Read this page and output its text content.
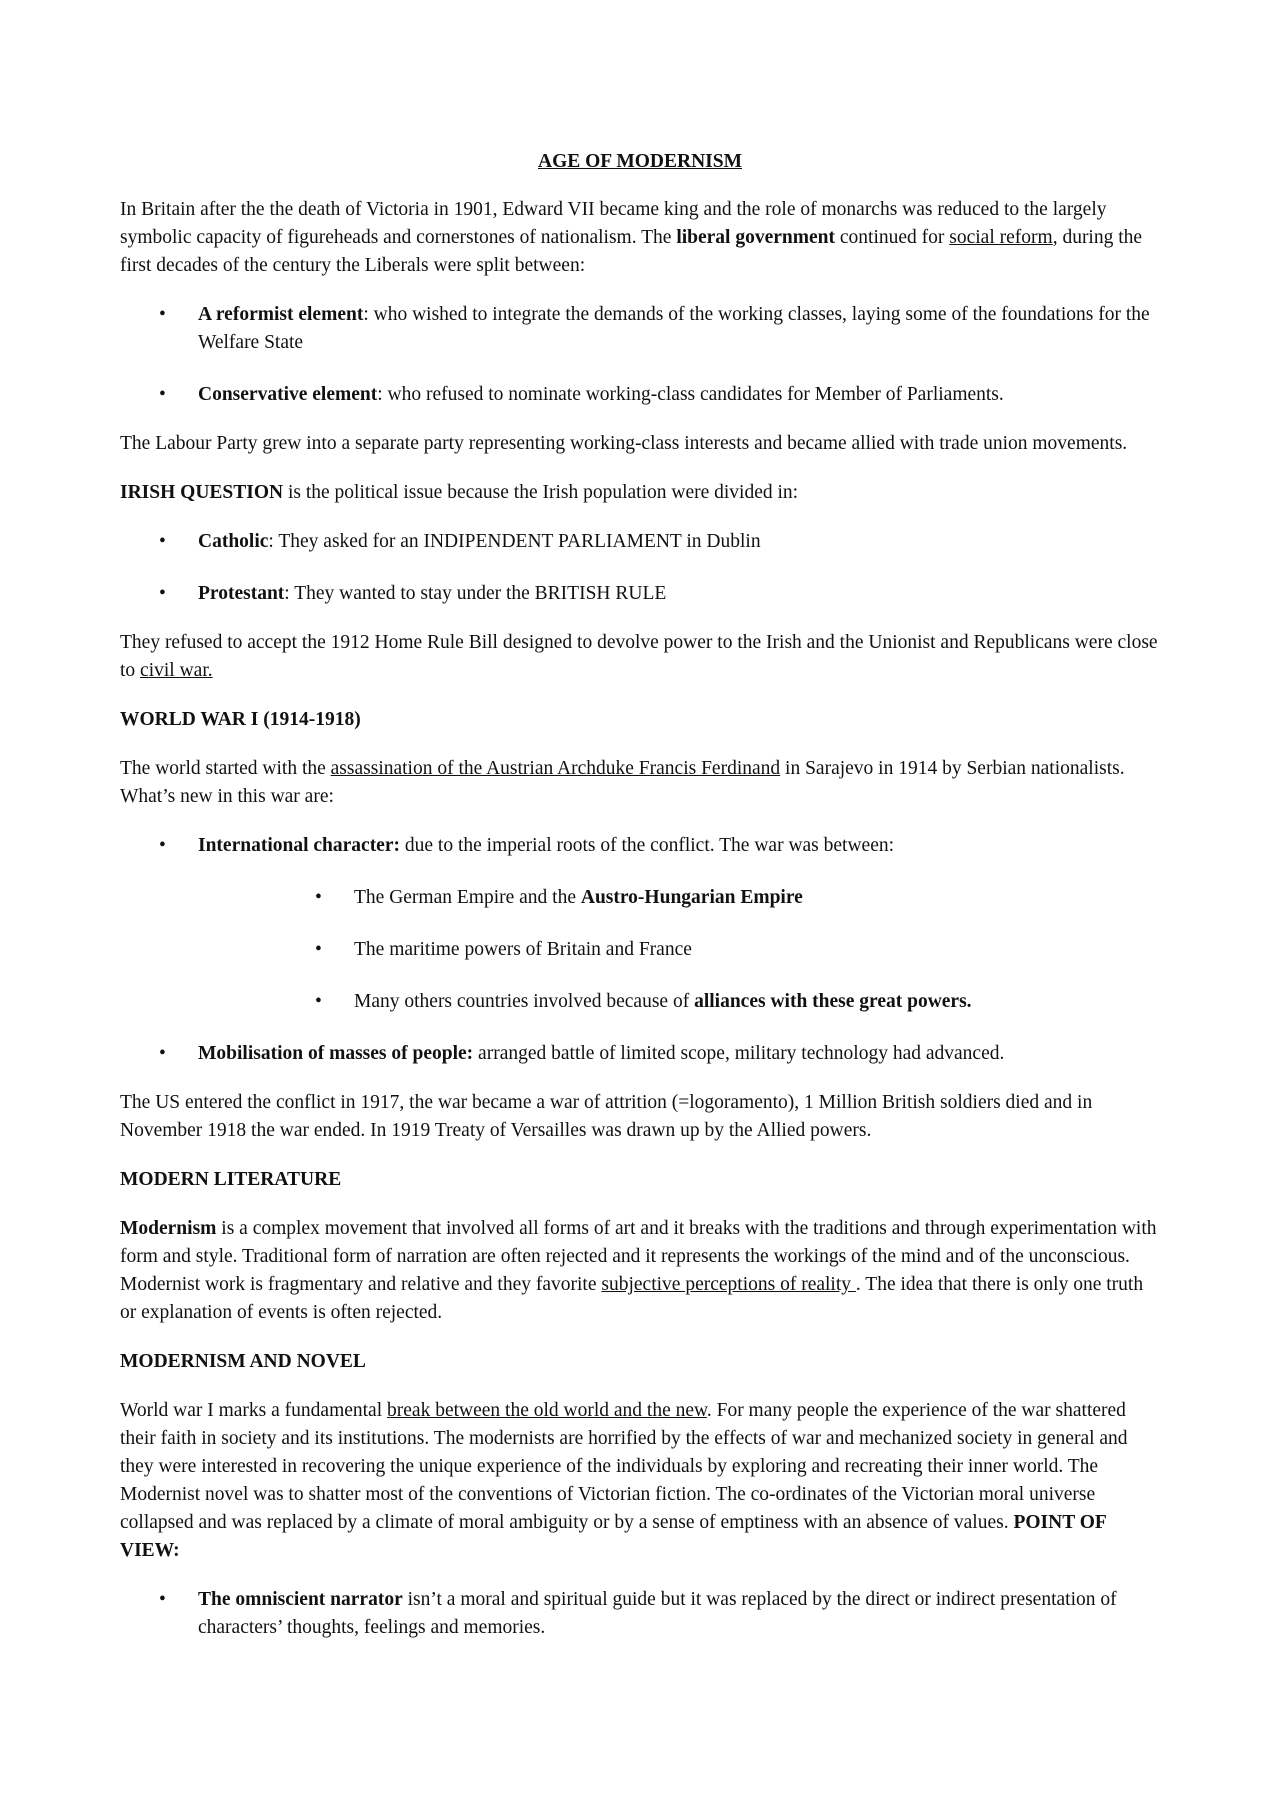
AGE OF MODERNISM

In Britain after the the death of Victoria in 1901, Edward VII became king and the role of monarchs was reduced to the largely symbolic capacity of figureheads and cornerstones of nationalism. The liberal government continued for social reform, during the first decades of the century the Liberals were split between:

• A reformist element: who wished to integrate the demands of the working classes, laying some of the foundations for the Welfare State
• Conservative element: who refused to nominate working-class candidates for Member of Parliaments.

The Labour Party grew into a separate party representing working-class interests and became allied with trade union movements.

IRISH QUESTION is the political issue because the Irish population were divided in:

• Catholic: They asked for an INDIPENDENT PARLIAMENT in Dublin
• Protestant: They wanted to stay under the BRITISH RULE

They refused to accept the 1912 Home Rule Bill designed to devolve power to the Irish and the Unionist and Republicans were close to civil war.

WORLD WAR I (1914-1918)

The world started with the assassination of the Austrian Archduke Francis Ferdinand in Sarajevo in 1914 by Serbian nationalists. What’s new in this war are:

• International character: due to the imperial roots of the conflict. The war was between:
• The German Empire and the Austro-Hungarian Empire
• The maritime powers of Britain and France
• Many others countries involved because of alliances with these great powers.
• Mobilisation of masses of people: arranged battle of limited scope, military technology had advanced.

The US entered the conflict in 1917, the war became a war of attrition (=logoramento), 1 Million British soldiers died and in November 1918 the war ended. In 1919 Treaty of Versailles was drawn up by the Allied powers.

MODERN LITERATURE

Modernism is a complex movement that involved all forms of art and it breaks with the traditions and through experimentation with form and style. Traditional form of narration are often rejected and it represents the workings of the mind and of the unconscious. Modernist work is fragmentary and relative and they favorite subjective perceptions of reality . The idea that there is only one truth or explanation of events is often rejected.

MODERNISM AND NOVEL

World war I marks a fundamental break between the old world and the new. For many people the experience of the war shattered their faith in society and its institutions. The modernists are horrified by the effects of war and mechanized society in general and they were interested in recovering the unique experience of the individuals by exploring and recreating their inner world. The Modernist novel was to shatter most of the conventions of Victorian fiction. The co-ordinates of the Victorian moral universe collapsed and was replaced by a climate of moral ambiguity or by a sense of emptiness with an absence of values. POINT OF VIEW:

• The omniscient narrator isn’t a moral and spiritual guide but it was replaced by the direct or indirect presentation of characters’ thoughts, feelings and memories.
